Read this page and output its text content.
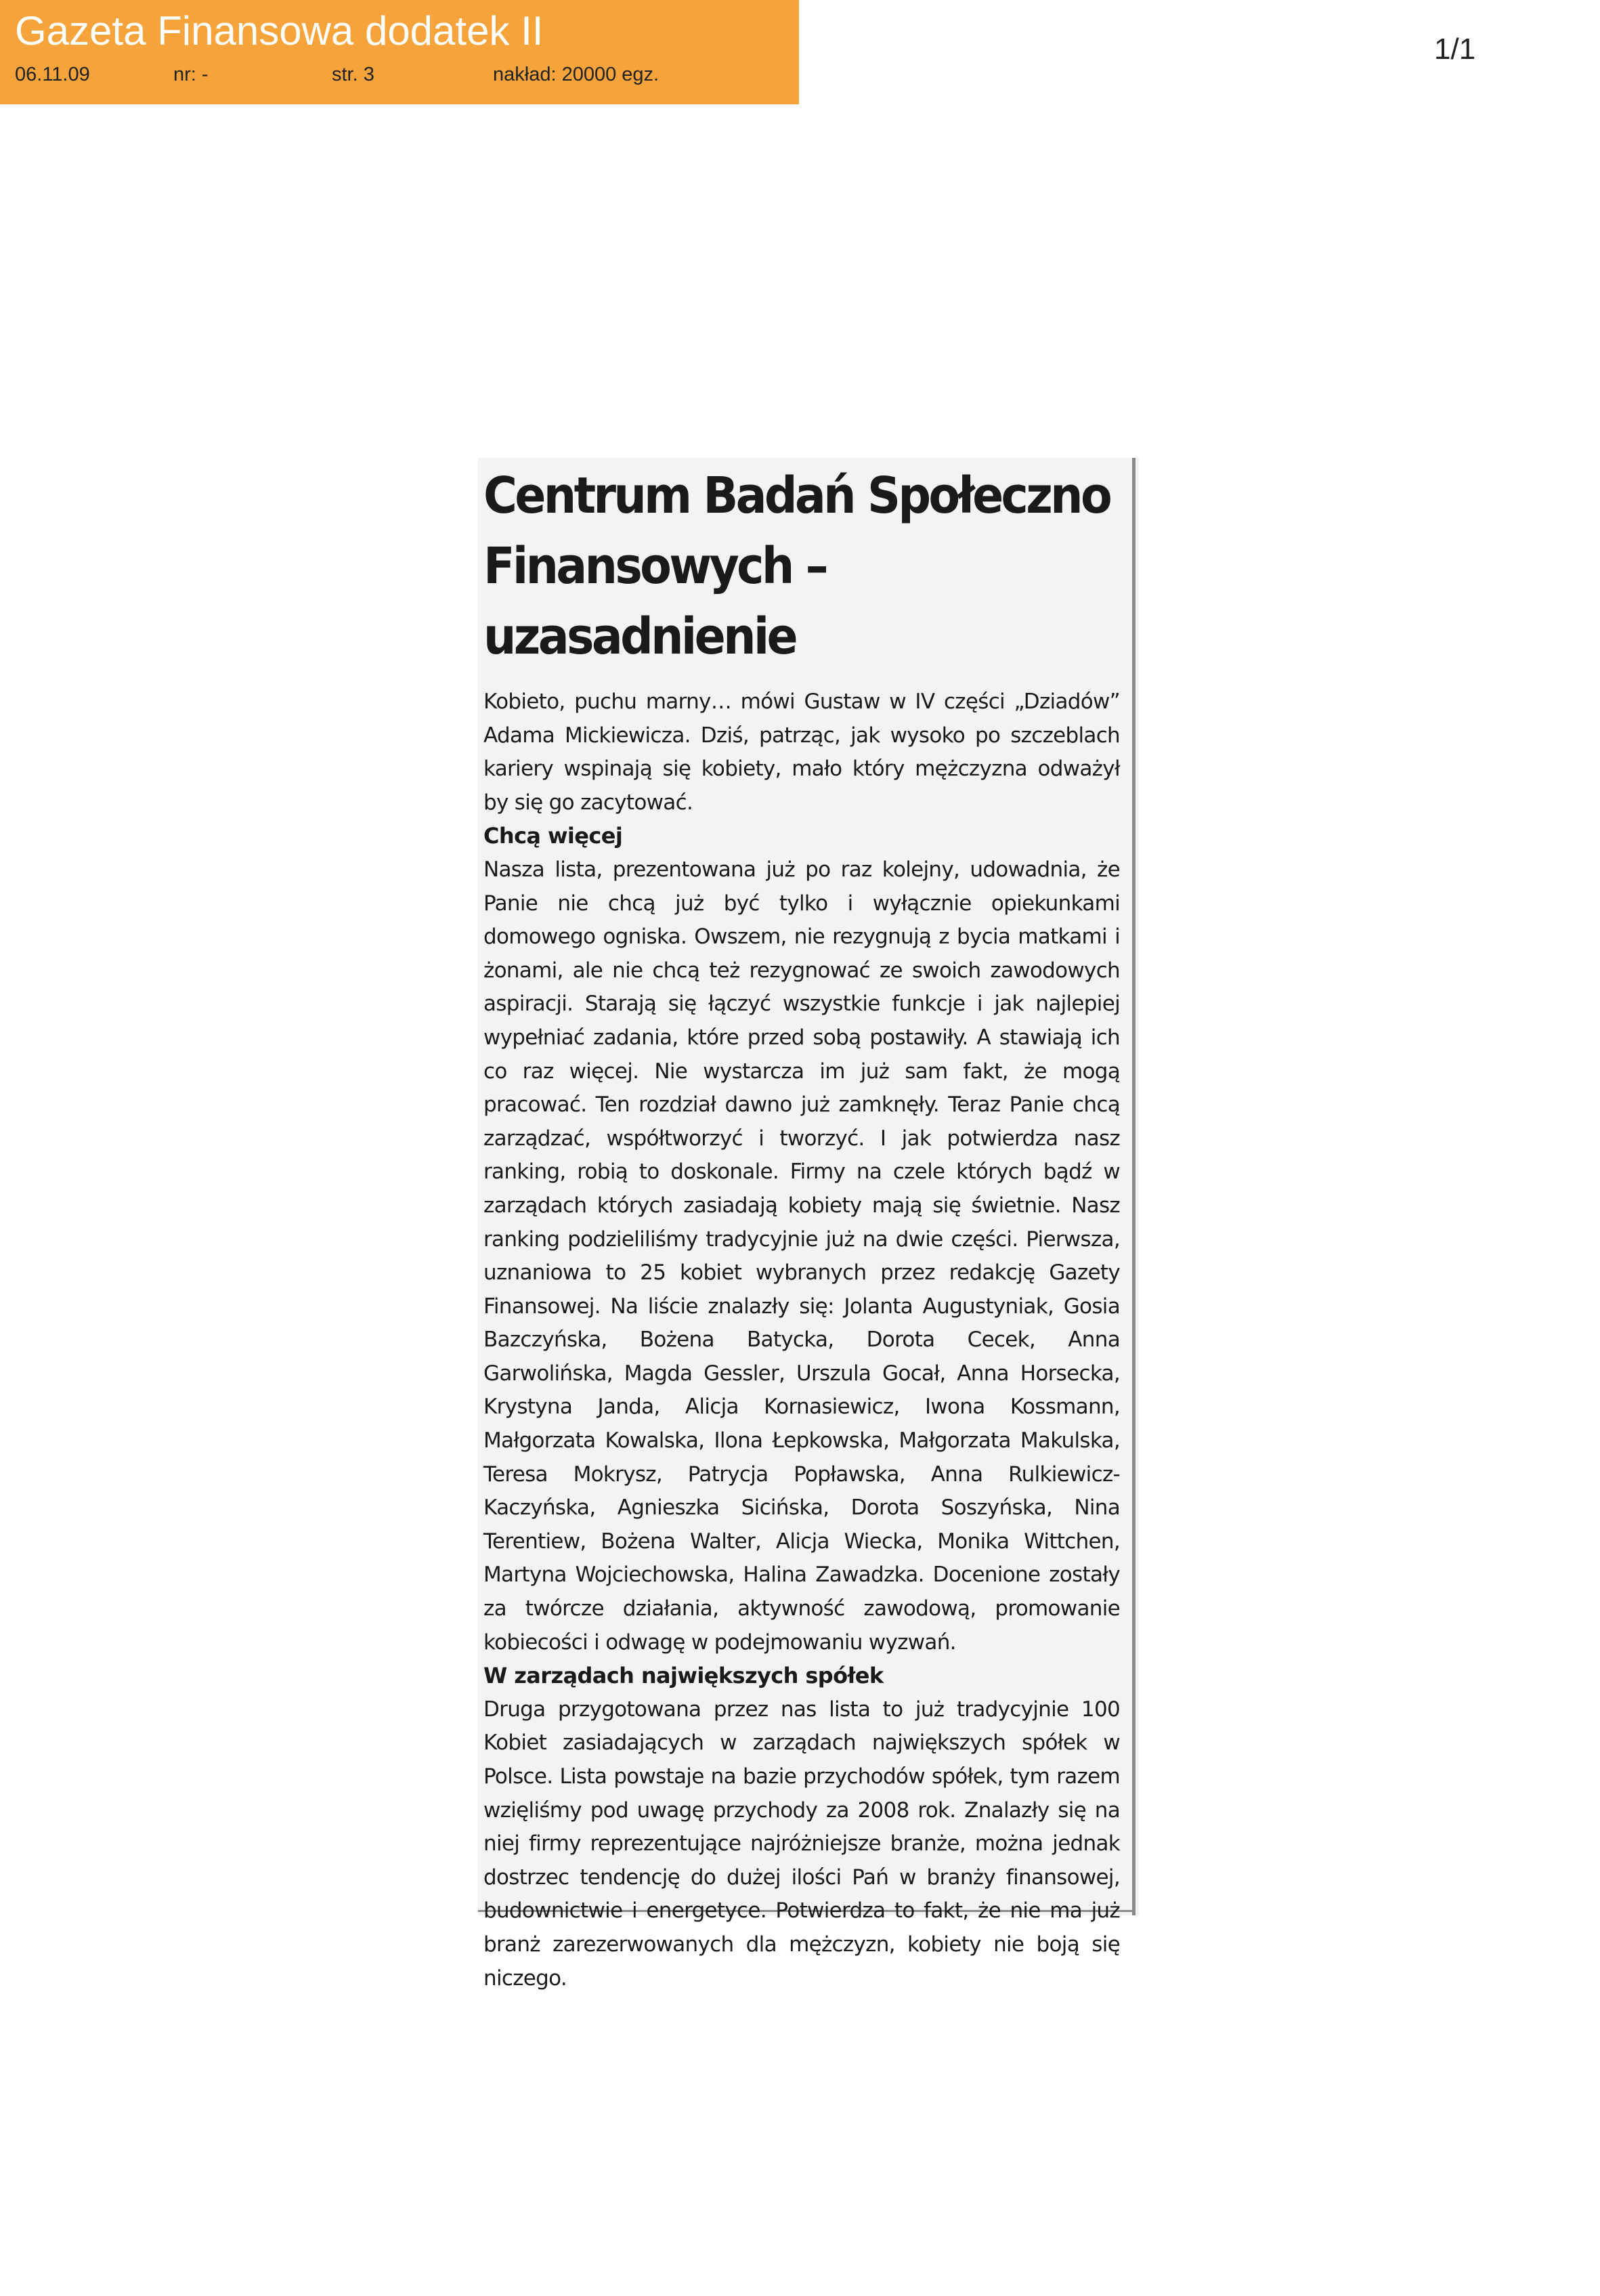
Gazeta Finansowa dodatek II
06.11.09	nr: -	str. 3	nakład: 20000 egz.
1/1
Centrum Badań Społeczno Finansowych – uzasadnienie

Kobieto, puchu marny… mówi Gustaw w IV części „Dziadów” Adama Mickiewicza. Dziś, patrząc, jak wysoko po szczeblach kariery wspinają się kobiety, mało który mężczyzna odważył by się go zacytować.

Chcą więcej

Nasza lista, prezentowana już po raz kolejny, udowadnia, że Panie nie chcą już być tylko i wyłącznie opiekunkami domowego ogniska. Owszem, nie rezygnują z bycia matkami i żonami, ale nie chcą też rezygnować ze swoich zawodowych aspiracji. Starają się łączyć wszystkie funkcje i jak najlepiej wypełniać zadania, które przed sobą postawiły. A stawiają ich co raz więcej. Nie wystarcza im już sam fakt, że mogą pracować. Ten rozdział dawno już zamknęły. Teraz Panie chcą zarządzać, współtworzyć i tworzyć. I jak potwierdza nasz ranking, robią to doskonale. Firmy na czele których bądź w zarządach których zasiadają kobiety mają się świetnie. Nasz ranking podzieliliśmy tradycyjnie już na dwie części. Pierwsza, uznaniowa to 25 kobiet wybranych przez redakcję Gazety Finansowej. Na liście znalazły się: Jolanta Augustyniak, Gosia Bazczyńska, Bożena Batycka, Dorota Cecek, Anna Garwolińska, Magda Gessler, Urszula Gocał, Anna Horsecka, Krystyna Janda, Alicja Kornasiewicz, Iwona Kossmann, Małgorzata Kowalska, Ilona Łepkowska, Małgorzata Makulska, Teresa Mokrysz, Patrycja Popławska, Anna Rulkiewicz-Kaczyńska, Agnieszka Sicińska, Dorota Soszyńska, Nina Terentiew, Bożena Walter, Alicja Wiecka, Monika Wittchen, Martyna Wojciechowska, Halina Zawadzka. Docenione zostały za twórcze działania, aktywność zawodową, promowanie kobiecości i odwagę w podejmowaniu wyzwań.

W zarządach największych spółek

Druga przygotowana przez nas lista to już tradycyjnie 100 Kobiet zasiadających w zarządach największych spółek w Polsce. Lista powstaje na bazie przychodów spółek, tym razem wzięliśmy pod uwagę przychody za 2008 rok. Znalazły się na niej firmy reprezentujące najróżniejsze branże, można jednak dostrzec tendencję do dużej ilości Pań w branży finansowej, budownictwie i energetyce. Potwierdza to fakt, że nie ma już branż zarezerwowanych dla mężczyzn, kobiety nie boją się niczego.
